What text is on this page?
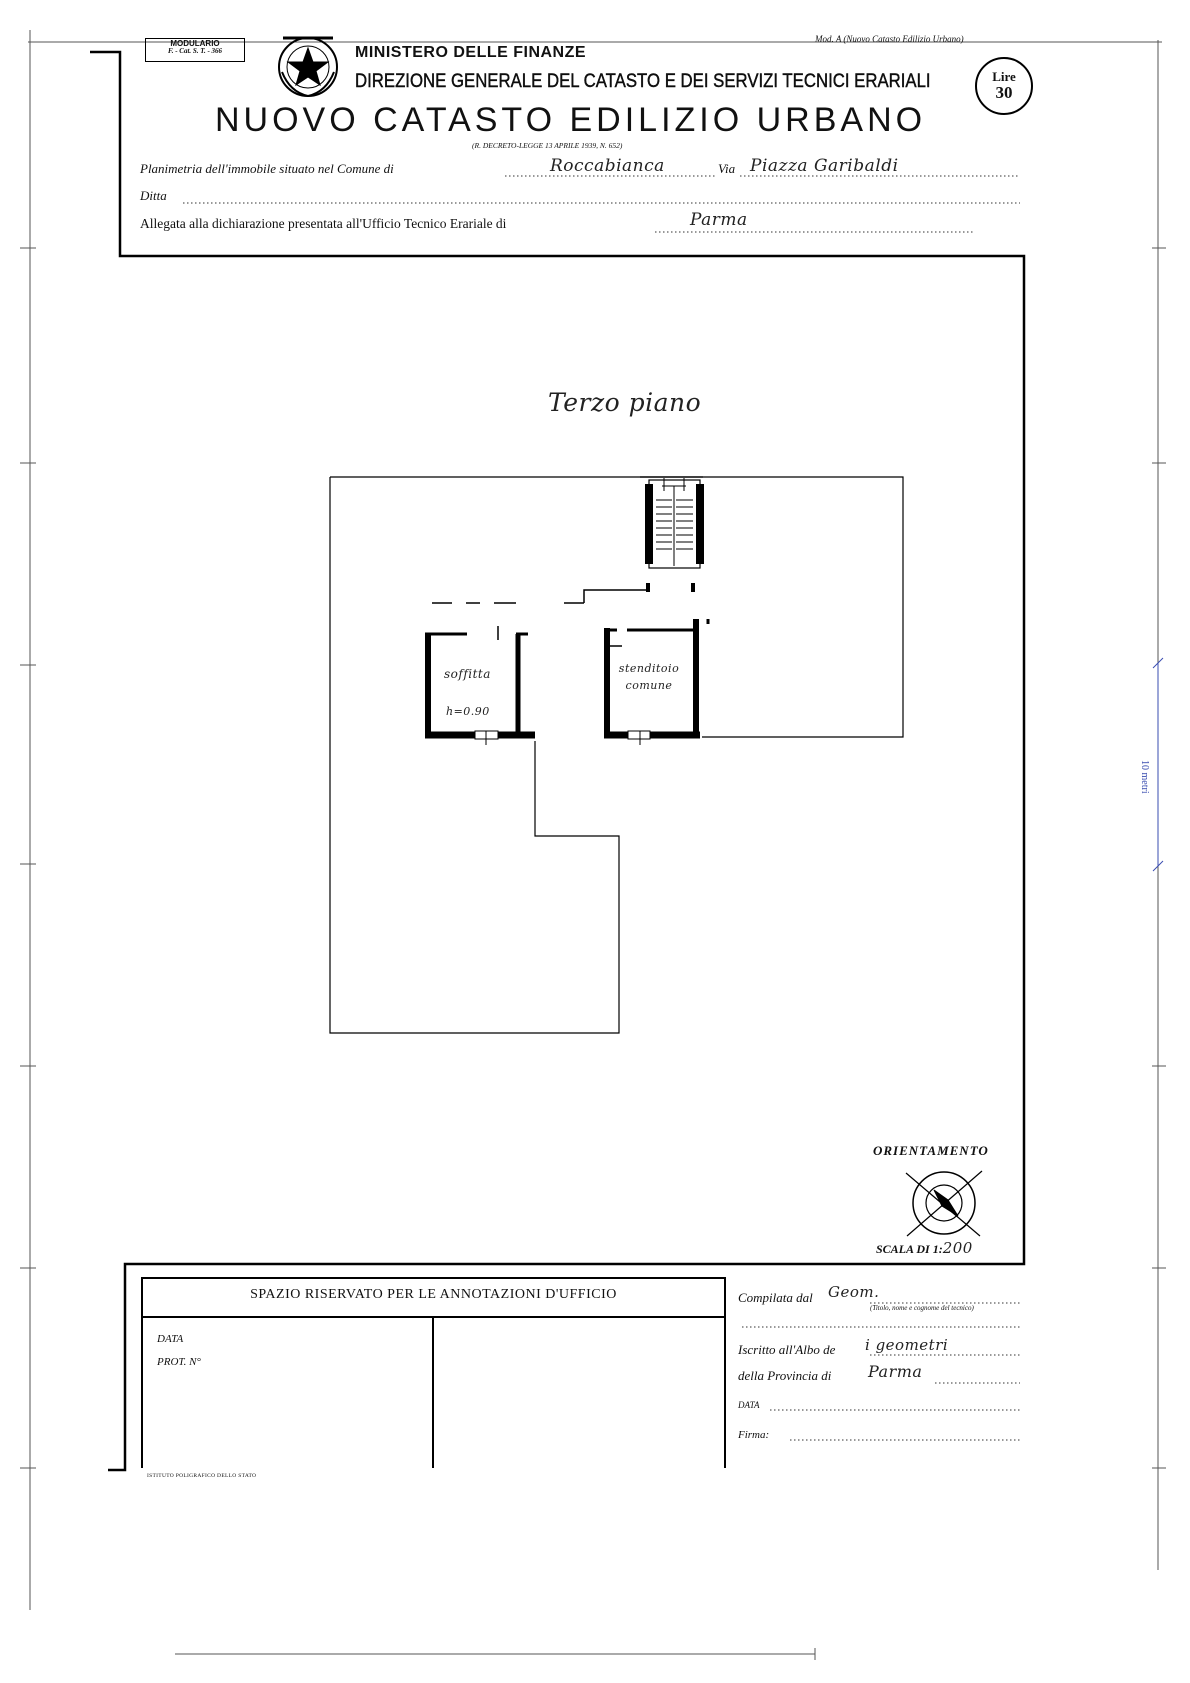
MODULARIO
F. - Cat. S. T. - 366
Mod. A (Nuovo Catasto Edilizio Urbano)
MINISTERO DELLE FINANZE
DIREZIONE GENERALE DEL CATASTO E DEI SERVIZI TECNICI ERARIALI	Lire
30
NUOVO CATASTO EDILIZIO URBANO
(R. DECRETO-LEGGE 13 APRILE 1939, N. 652)
Planimetria dell'immobile situato nel Comune di	Roccabianca	Via Piazza Garibaldi
Ditta
Allegata alla dichiarazione presentata all'Ufficio Tecnico Erariale di	Parma
Terzo piano
soffitta
h=0.90
stenditoio comune
10 metri
ORIENTAMENTO
SCALA DI 1:200
SPAZIO RISERVATO PER LE ANNOTAZIONI D'UFFICIO
DATA
PROT. N°
Compilata dal Geom.
(Titolo, nome e cognome del tecnico)
Iscritto all'Albo de i geometri
della Provincia di Parma
DATA
Firma:
ISTITUTO POLIGRAFICO DELLO STATO
